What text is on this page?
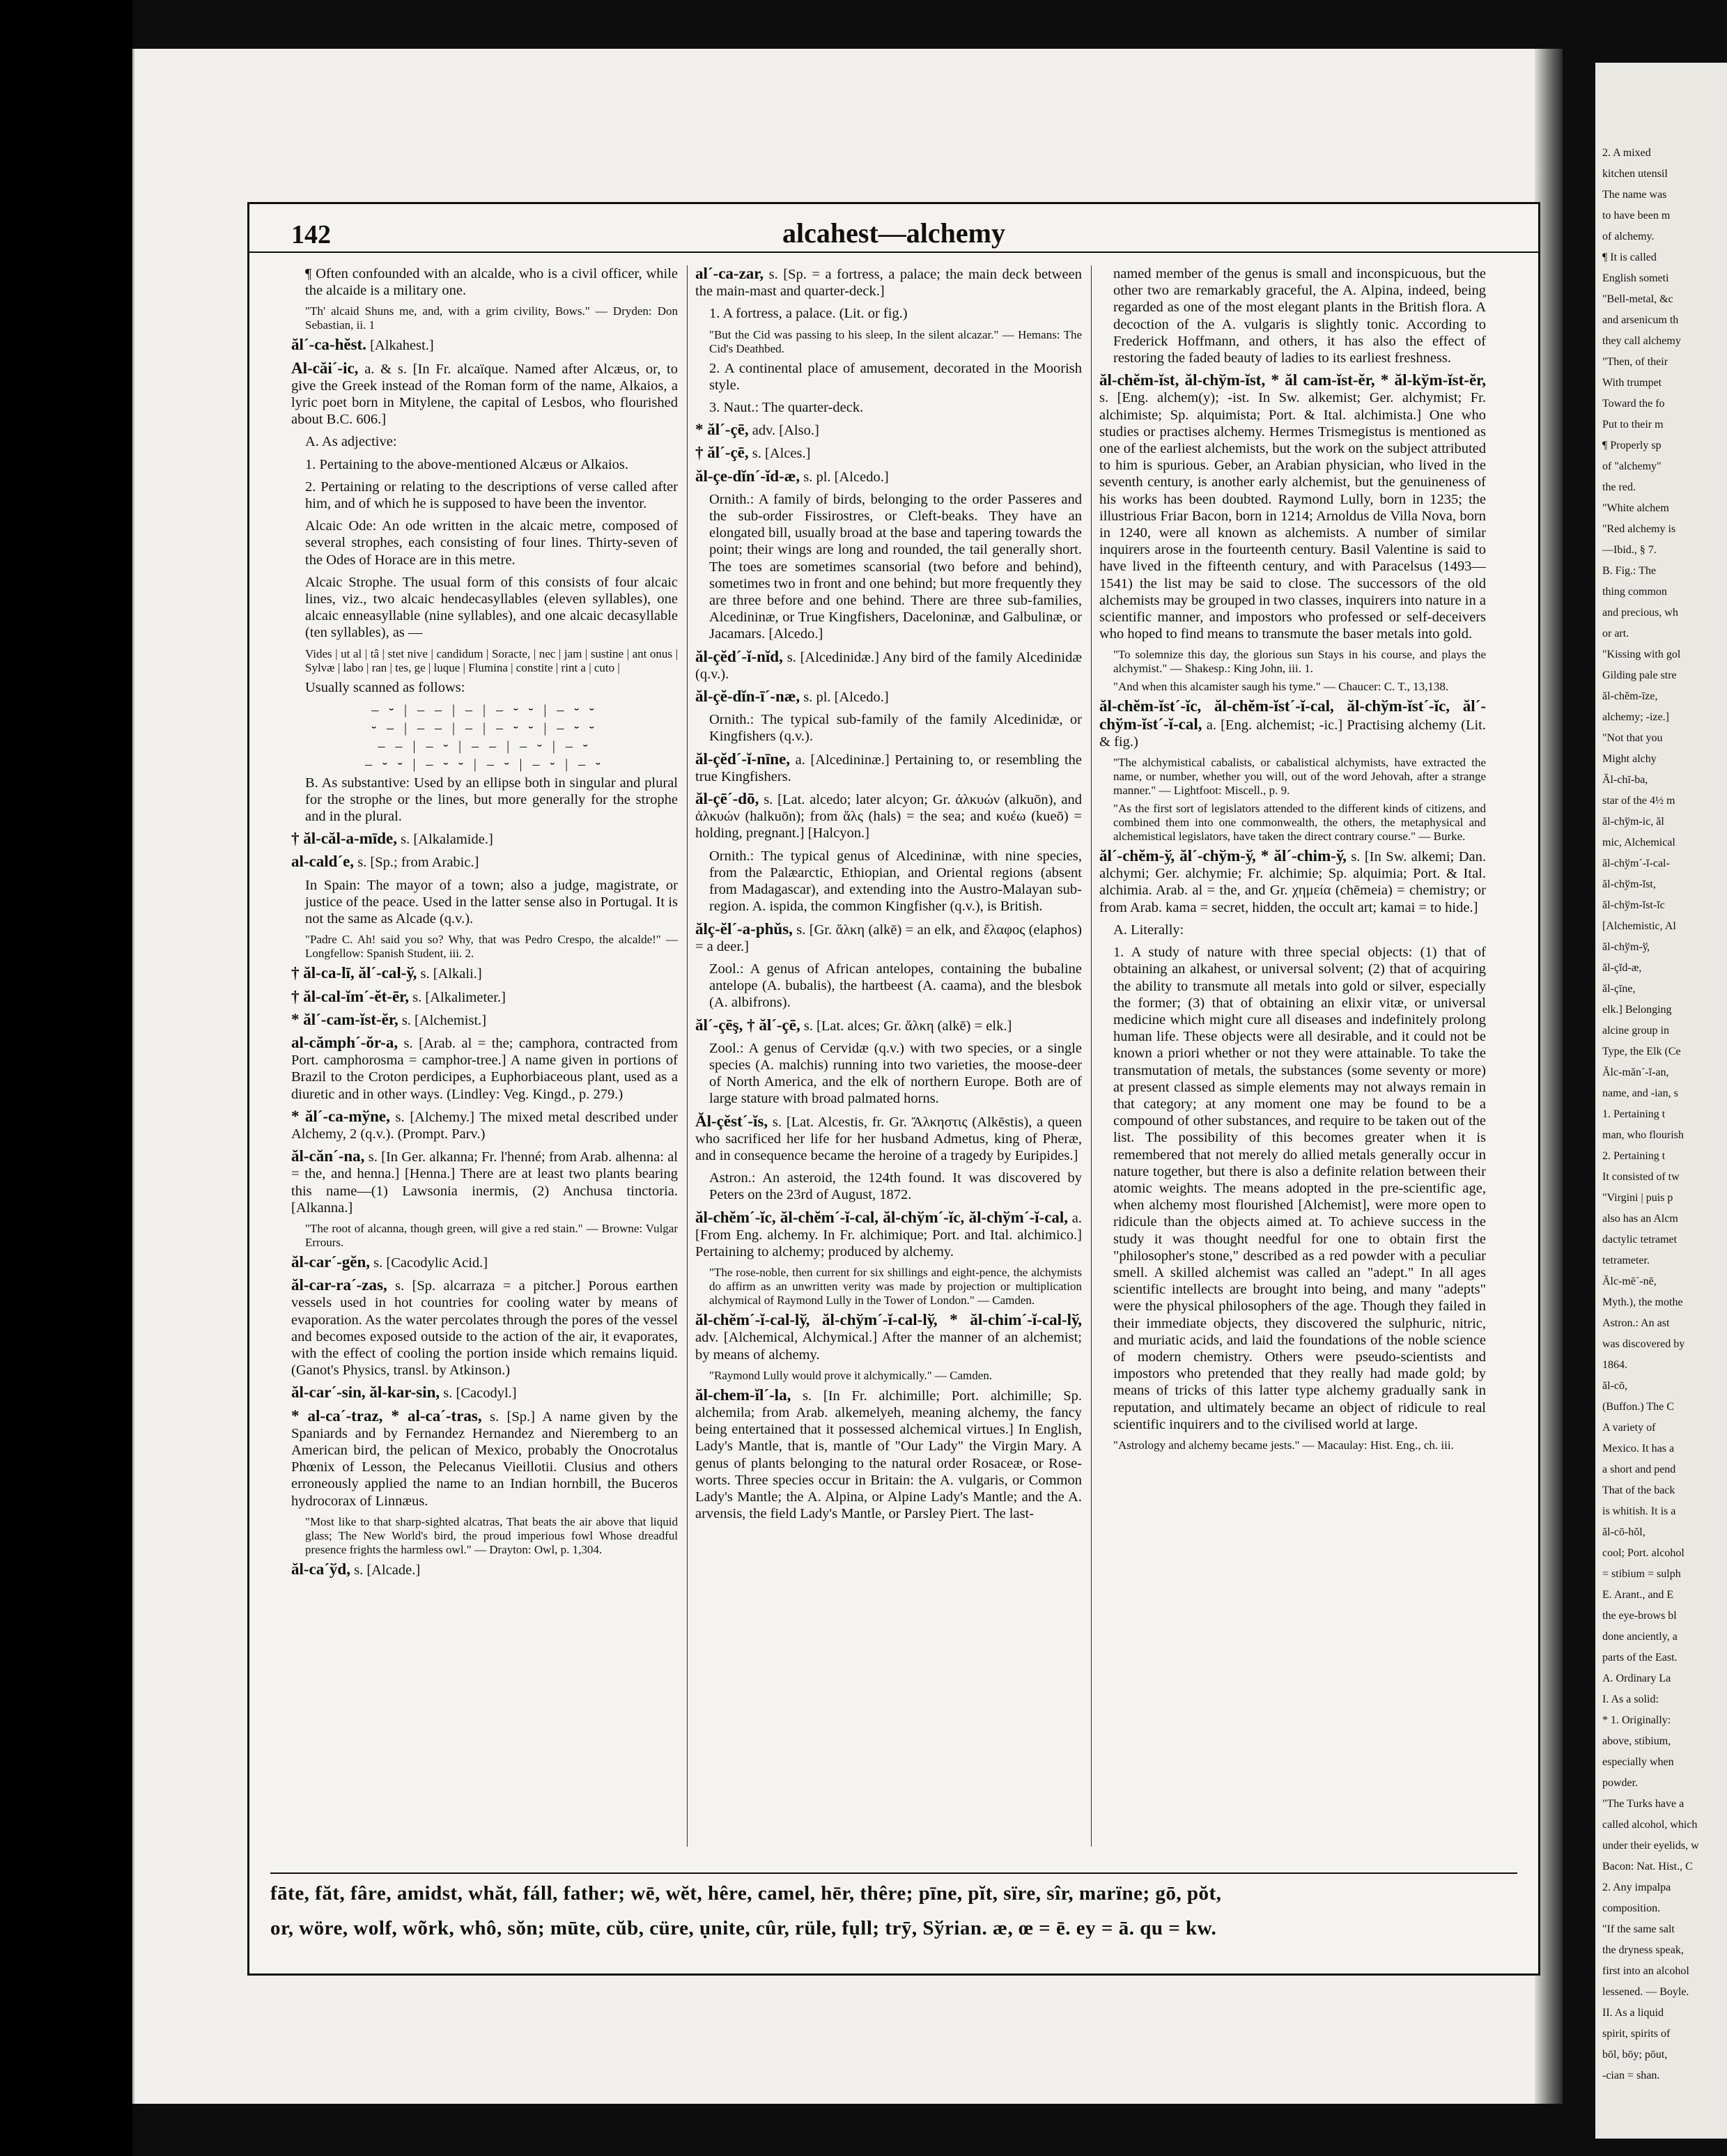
2. A mixed
kitchen utensil
The name was
to have been m
of alchemy.
¶ It is called
English someti
"Bell-metal, &c
and arsenicum th
they call alchemy
"Then, of their
With trumpet
Toward the fo
Put to their m
¶ Properly sp
of "alchemy"
the red.
"White alchem
"Red alchemy is
—Ibid., § 7.
B. Fig.: The
thing common
and precious, wh
or art.
"Kissing with gol
Gilding pale stre
ăl-chĕm-īze,
alchemy; -ize.]
"Not that you
Might alchy
Ăl-chī-ba,
star of the 4½ m
ăl-chўm-ic, ăl
mic, Alchemical
ăl-chўm´-ĭ-cal-
ăl-chўm-ĭst,
ăl-chўm-ĭst-ĭc
[Alchemistic, Al
ăl-chўm-ў,
ăl-çĭd-æ,
ăl-çīne,
elk.] Belonging
alcine group in
Type, the Elk (Ce
Ălc-măn´-ĭ-an,
name, and -ian, s
1. Pertaining t
man, who flourish
2. Pertaining t
It consisted of tw
"Virgini | puis p
also has an Alcm
dactylic tetramet
tetrameter.
Ălc-mē´-nē,
Myth.), the mothe
Astron.: An ast
was discovered by
1864.
ăl-cō,
(Buffon.) The C
A variety of
Mexico. It has a
a short and pend
That of the back
is whitish. It is a
ăl-cō-hŏl,
cool; Port. alcohol
= stibium = sulph
E. Arant., and E
the eye-brows bl
done anciently, a
parts of the East.
A. Ordinary La
I. As a solid:
* 1. Originally:
above, stibium,
especially when
powder.
"The Turks have a
called alcohol, which
under their eyelids, w
Bacon: Nat. Hist., C
2. Any impalpa
composition.
"If the same salt
the dryness speak,
first into an alcohol
lessened. — Boyle.
II. As a liquid
spirit, spirits of
bōl, bōy; pōut,
-cian = shan.
142	alcahest—alchemy
¶ Often confounded with an alcalde, who is a civil officer, while the alcaide is a military one.
"Th' alcaid Shuns me, and, with a grim civility, Bows." — Dryden: Don Sebastian, ii. 1
ăl´-ca-hĕst. [Alkahest.]
Al-căi´-ic, a. & s. [In Fr. alcaïque. Named after Alcæus, or, to give the Greek instead of the Roman form of the name, Alkaios, a lyric poet born in Mitylene, the capital of Lesbos, who flourished about B.C. 606.]
A. As adjective:
1. Pertaining to the above-mentioned Alcæus or Alkaios.
2. Pertaining or relating to the descriptions of verse called after him, and of which he is supposed to have been the inventor.
Alcaic Ode: An ode written in the alcaic metre, composed of several strophes, each consisting of four lines. Thirty-seven of the Odes of Horace are in this metre.
Alcaic Strophe. The usual form of this consists of four alcaic lines, viz., two alcaic hendecasyllables (eleven syllables), one alcaic enneasyllable (nine syllables), and one alcaic decasyllable (ten syllables), as —
Vides | ut al | tâ | stet nive | candidum | Soracte, | nec | jam | sustine | ant onus | Sylvæ | labo | ran | tes, ge | luque | Flumina | constite | rint a | cuto |
Usually scanned as follows:
– ⏑ | – – | – | – ⏑ ⏑ | – ⏑ ⏑
⏑ – | – – | – | – ⏑ ⏑ | – ⏑ ⏑
– – | – ⏑ | – – | – ⏑ | – ⏑
– ⏑ ⏑ | – ⏑ ⏑ | – ⏑ | – ⏑ | – ⏑
B. As substantive: Used by an ellipse both in singular and plural for the strophe or the lines, but more generally for the strophe and in the plural.
† ăl-căl-a-mīde, s. [Alkalamide.]
al-cald´e, s. [Sp.; from Arabic.]
In Spain: The mayor of a town; also a judge, magistrate, or justice of the peace. Used in the latter sense also in Portugal. It is not the same as Alcade (q.v.).
"Padre C. Ah! said you so? Why, that was Pedro Crespo, the alcalde!" — Longfellow: Spanish Student, iii. 2.
† ăl-ca-lī, ăl´-cal-ў, s. [Alkali.]
† ăl-cal-ĭm´-ĕt-ēr, s. [Alkalimeter.]
* ăl´-cam-ĭst-ĕr, s. [Alchemist.]
al-cămph´-ŏr-a, s. [Arab. al = the; camphora, contracted from Port. camphorosma = camphor-tree.] A name given in portions of Brazil to the Croton perdicipes, a Euphorbiaceous plant, used as a diuretic and in other ways. (Lindley: Veg. Kingd., p. 279.)
* ăl´-ca-mўne, s. [Alchemy.] The mixed metal described under Alchemy, 2 (q.v.). (Prompt. Parv.)
ăl-căn´-na, s. [In Ger. alkanna; Fr. l'henné; from Arab. alhenna: al = the, and henna.] [Henna.] There are at least two plants bearing this name—(1) Lawsonia inermis, (2) Anchusa tinctoria. [Alkanna.]
"The root of alcanna, though green, will give a red stain." — Browne: Vulgar Errours.
ăl-car´-gĕn, s. [Cacodylic Acid.]
ăl-car-ra´-zas, s. [Sp. alcarraza = a pitcher.] Porous earthen vessels used in hot countries for cooling water by means of evaporation. As the water percolates through the pores of the vessel and becomes exposed outside to the action of the air, it evaporates, with the effect of cooling the portion inside which remains liquid. (Ganot's Physics, transl. by Atkinson.)
ăl-car´-sin, ăl-kar-sin, s. [Cacodyl.]
* al-ca´-traz, * al-ca´-tras, s. [Sp.] A name given by the Spaniards and by Fernandez Hernandez and Nieremberg to an American bird, the pelican of Mexico, probably the Onocrotalus Phœnix of Lesson, the Pelecanus Vieillotii. Clusius and others erroneously applied the name to an Indian hornbill, the Buceros hydrocorax of Linnæus.
"Most like to that sharp-sighted alcatras, That beats the air above that liquid glass; The New World's bird, the proud imperious fowl Whose dreadful presence frights the harmless owl." — Drayton: Owl, p. 1,304.
ăl-ca´ўd, s. [Alcade.]
al´-ca-zar, s. [Sp. = a fortress, a palace; the main deck between the main-mast and quarter-deck.]
1. A fortress, a palace. (Lit. or fig.)
"But the Cid was passing to his sleep, In the silent alcazar." — Hemans: The Cid's Deathbed.
2. A continental place of amusement, decorated in the Moorish style.
3. Naut.: The quarter-deck.
* ăl´-çē, adv. [Also.]
† ăl´-çē, s. [Alces.]
ăl-çe-dĭn´-ĭd-æ, s. pl. [Alcedo.]
Ornith.: A family of birds, belonging to the order Passeres and the sub-order Fissirostres, or Cleft-beaks. They have an elongated bill, usually broad at the base and tapering towards the point; their wings are long and rounded, the tail generally short. The toes are sometimes scansorial (two before and behind), sometimes two in front and one behind; but more frequently they are three before and one behind. There are three sub-families, Alcedininæ, or True Kingfishers, Daceloninæ, and Galbulinæ, or Jacamars. [Alcedo.]
ăl-çĕd´-ĭ-nĭd, s. [Alcedinidæ.] Any bird of the family Alcedinidæ (q.v.).
ăl-çĕ-dĭn-ī´-næ, s. pl. [Alcedo.]
Ornith.: The typical sub-family of the family Alcedinidæ, or Kingfishers (q.v.).
ăl-çĕd´-ĭ-nīne, a. [Alcedininæ.] Pertaining to, or resembling the true Kingfishers.
ăl-çē´-dō, s. [Lat. alcedo; later alcyon; Gr. ἀλκυών (alkuōn), and ἀλκυών (halkuōn); from ἅλς (hals) = the sea; and κυέω (kueō) = holding, pregnant.] [Halcyon.]
Ornith.: The typical genus of Alcedininæ, with nine species, from the Palæarctic, Ethiopian, and Oriental regions (absent from Madagascar), and extending into the Austro-Malayan sub-region. A. ispida, the common Kingfisher (q.v.), is British.
ălç-ĕl´-a-phŭs, s. [Gr. ἄλκη (alkē) = an elk, and ἔλαφος (elaphos) = a deer.]
Zool.: A genus of African antelopes, containing the bubaline antelope (A. bubalis), the hartbeest (A. caama), and the blesbok (A. albifrons).
ăl´-çēş, † ăl´-çē, s. [Lat. alces; Gr. ἄλκη (alkē) = elk.]
Zool.: A genus of Cervidæ (q.v.) with two species, or a single species (A. malchis) running into two varieties, the moose-deer of North America, and the elk of northern Europe. Both are of large stature with broad palmated horns.
Ăl-çĕst´-ĭs, s. [Lat. Alcestis, fr. Gr. Ἄλκηστις (Alkēstis), a queen who sacrificed her life for her husband Admetus, king of Pheræ, and in consequence became the heroine of a tragedy by Euripides.]
Astron.: An asteroid, the 124th found. It was discovered by Peters on the 23rd of August, 1872.
ăl-chĕm´-ĭc, ăl-chĕm´-ĭ-cal, ăl-chўm´-ĭc, ăl-chўm´-ĭ-cal, a. [From Eng. alchemy. In Fr. alchimique; Port. and Ital. alchimico.] Pertaining to alchemy; produced by alchemy.
"The rose-noble, then current for six shillings and eight-pence, the alchymists do affirm as an unwritten verity was made by projection or multiplication alchymical of Raymond Lully in the Tower of London." — Camden.
ăl-chĕm´-ĭ-cal-lў, ăl-chўm´-ĭ-cal-lў, * ăl-chim´-ĭ-cal-lў, adv. [Alchemical, Alchymical.] After the manner of an alchemist; by means of alchemy.
"Raymond Lully would prove it alchymically." — Camden.
ăl-chem-ĭl´-la, s. [In Fr. alchimille; Port. alchimille; Sp. alchemila; from Arab. alkemelyeh, meaning alchemy, the fancy being entertained that it possessed alchemical virtues.] In English, Lady's Mantle, that is, mantle of "Our Lady" the Virgin Mary. A genus of plants belonging to the natural order Rosaceæ, or Rose-worts. Three species occur in Britain: the A. vulgaris, or Common Lady's Mantle; the A. Alpina, or Alpine Lady's Mantle; and the A. arvensis, the field Lady's Mantle, or Parsley Piert. The last-
named member of the genus is small and inconspicuous, but the other two are remarkably graceful, the A. Alpina, indeed, being regarded as one of the most elegant plants in the British flora. A decoction of the A. vulgaris is slightly tonic. According to Frederick Hoffmann, and others, it has also the effect of restoring the faded beauty of ladies to its earliest freshness.
ăl-chĕm-ĭst, ăl-chўm-ĭst, * ăl cam-ĭst-ĕr, * ăl-kўm-ĭst-ĕr, s. [Eng. alchem(y); -ist. In Sw. alkemist; Ger. alchymist; Fr. alchimiste; Sp. alquimista; Port. & Ital. alchimista.] One who studies or practises alchemy. Hermes Trismegistus is mentioned as one of the earliest alchemists, but the work on the subject attributed to him is spurious. Geber, an Arabian physician, who lived in the seventh century, is another early alchemist, but the genuineness of his works has been doubted. Raymond Lully, born in 1235; the illustrious Friar Bacon, born in 1214; Arnoldus de Villa Nova, born in 1240, were all known as alchemists. A number of similar inquirers arose in the fourteenth century. Basil Valentine is said to have lived in the fifteenth century, and with Paracelsus (1493—1541) the list may be said to close. The successors of the old alchemists may be grouped in two classes, inquirers into nature in a scientific manner, and impostors who professed or self-deceivers who hoped to find means to transmute the baser metals into gold.
"To solemnize this day, the glorious sun Stays in his course, and plays the alchymist." — Shakesp.: King John, iii. 1.
"And when this alcamister saugh his tyme." — Chaucer: C. T., 13,138.
ăl-chĕm-ĭst´-ĭc, ăl-chĕm-ĭst´-ĭ-cal, ăl-chўm-ĭst´-ĭc, ăl´-chўm-ĭst´-ĭ-cal, a. [Eng. alchemist; -ic.] Practising alchemy (Lit. & fig.)
"The alchymistical cabalists, or cabalistical alchymists, have extracted the name, or number, whether you will, out of the word Jehovah, after a strange manner." — Lightfoot: Miscell., p. 9.
"As the first sort of legislators attended to the different kinds of citizens, and combined them into one commonwealth, the others, the metaphysical and alchemistical legislators, have taken the direct contrary course." — Burke.
ăl´-chĕm-ў, ăl´-chўm-ў, * ăl´-chim-ў, s. [In Sw. alkemi; Dan. alchymi; Ger. alchymie; Fr. alchimie; Sp. alquimia; Port. & Ital. alchimia. Arab. al = the, and Gr. χημεία (chēmeia) = chemistry; or from Arab. kama = secret, hidden, the occult art; kamai = to hide.]
A. Literally:
1. A study of nature with three special objects: (1) that of obtaining an alkahest, or universal solvent; (2) that of acquiring the ability to transmute all metals into gold or silver, especially the former; (3) that of obtaining an elixir vitæ, or universal medicine which might cure all diseases and indefinitely prolong human life. These objects were all desirable, and it could not be known a priori whether or not they were attainable. To take the transmutation of metals, the substances (some seventy or more) at present classed as simple elements may not always remain in that category; at any moment one may be found to be a compound of other substances, and require to be taken out of the list. The possibility of this becomes greater when it is remembered that not merely do allied metals generally occur in nature together, but there is also a definite relation between their atomic weights. The means adopted in the pre-scientific age, when alchemy most flourished [Alchemist], were more open to ridicule than the objects aimed at. To achieve success in the study it was thought needful for one to obtain first the "philosopher's stone," described as a red powder with a peculiar smell. A skilled alchemist was called an "adept." In all ages scientific intellects are brought into being, and many "adepts" were the physical philosophers of the age. Though they failed in their immediate objects, they discovered the sulphuric, nitric, and muriatic acids, and laid the foundations of the noble science of modern chemistry. Others were pseudo-scientists and impostors who pretended that they really had made gold; by means of tricks of this latter type alchemy gradually sank in reputation, and ultimately became an object of ridicule to real scientific inquirers and to the civilised world at large.
"Astrology and alchemy became jests." — Macaulay: Hist. Eng., ch. iii.
fāte, făt, fâre, amidst, whăt, fáll, father; wē, wĕt, hêre, camel, hēr, thêre; pīne, pĭt, sïre, sîr, marïne; gō, pŏt,
or, wöre, wolf, wõrk, whô, sŏn; mūte, cŭb, cüre, ụnite, cûr, rüle, fụll; trȳ, Sўrian. æ, œ = ē. ey = ā. qu = kw.
